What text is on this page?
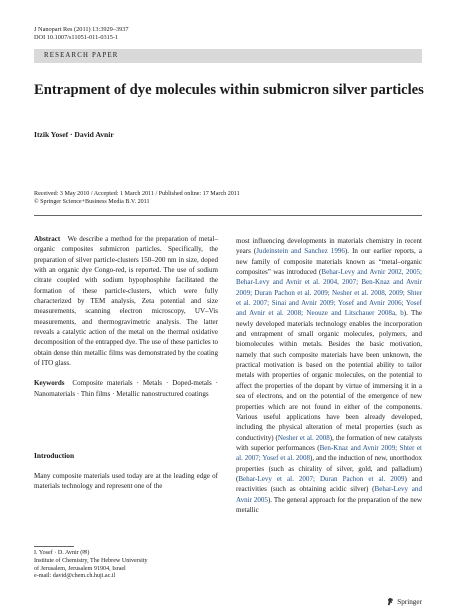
J Nanopart Res (2011) 13:3929–3937
DOI 10.1007/s11051-011-0315-1
RESEARCH PAPER
Entrapment of dye molecules within submicron silver particles
Itzik Yosef · David Avnir
Received: 3 May 2010 / Accepted: 1 March 2011 / Published online: 17 March 2011
© Springer Science+Business Media B.V. 2011
Abstract We describe a method for the preparation of metal–organic composites submicron particles. Specifically, the preparation of silver particle-clusters 150–200 nm in size, doped with an organic dye Congo-red, is reported. The use of sodium citrate coupled with sodium hypophosphite facilitated the formation of these particle-clusters, which were fully characterized by TEM analysis, Zeta potential and size measurements, scanning electron microscopy, UV–Vis measurements, and thermogravimetric analysis. The latter reveals a catalytic action of the metal on the thermal oxidative decomposition of the entrapped dye. The use of these particles to obtain dense thin metallic films was demonstrated by the coating of ITO glass.
Keywords Composite materials · Metals · Doped-metals · Nanomaterials · Thin films · Metallic nanostructured coatings
Introduction
Many composite materials used today are at the leading edge of materials technology and represent one of the
I. Yosef · D. Avnir (✉)
Institute of Chemistry, The Hebrew University
of Jerusalem, Jerusalem 91904, Israel
e-mail: david@chem.ch.huji.ac.il
most influencing developments in materials chemistry in recent years (Judeinstein and Sanchez 1996). In our earlier reports, a new family of composite materials known as “metal–organic composites” was introduced (Behar-Levy and Avnir 2002, 2005; Behar-Levy and Avnir et al. 2004, 2007; Ben-Knaz and Avnir 2009; Duran Pachon et al. 2009; Nesher et al. 2008, 2009; Shter et al. 2007; Sinai and Avnir 2009; Yosef and Avnir 2006; Yosef and Avnir et al. 2008; Neouze and Litschauer 2008a, b). The newly developed materials technology enables the incorporation and entrapment of small organic molecules, polymers, and biomolecules within metals. Besides the basic motivation, namely that such composite materials have been unknown, the practical motivation is based on the potential ability to tailor metals with properties of organic molecules, on the potential to affect the properties of the dopant by virtue of immersing it in a sea of electrons, and on the potential of the emergence of new properties which are not found in either of the components. Various useful applications have been already developed, including the physical alteration of metal properties (such as conductivity) (Nesher et al. 2008), the formation of new catalysts with superior performances (Ben-Knaz and Avnir 2009; Shter et al. 2007; Yosef et al. 2008), and the induction of new, unorthodox properties (such as chirality of silver, gold, and palladium) (Behar-Levy et al. 2007; Duran Pachon et al. 2009) and reactivities (such as obtaining acidic silver) (Behar-Levy and Avnir 2005). The general approach for the preparation of the new metallic
Springer
